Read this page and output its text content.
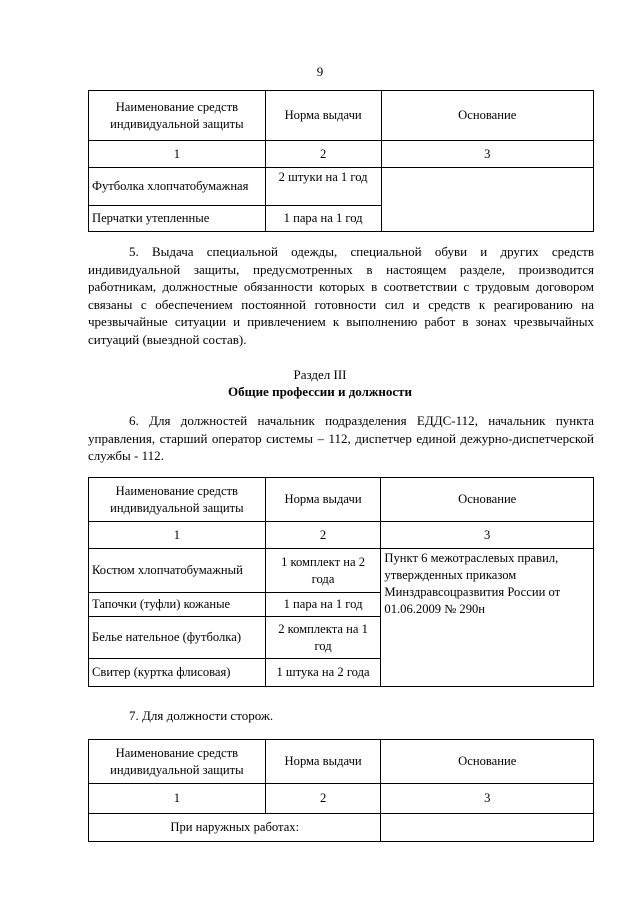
9
Наименование средств индивидуальной защиты	Норма выдачи	Основание
1	2	3
Футболка хлопчатобумажная	2 штуки на 1 год	
Перчатки утепленные	1 пара на 1 год	

5. Выдача специальной одежды, специальной обуви и других средств индивидуальной защиты, предусмотренных в настоящем разделе, производится работникам, должностные обязанности которых в соответствии с трудовым договором связаны с обеспечением постоянной готовности сил и средств к реагированию на чрезвычайные ситуации и привлечением к выполнению работ в зонах чрезвычайных ситуаций (выездной состав).

Раздел III
Общие профессии и должности

6. Для должностей начальник подразделения ЕДДС-112, начальник пункта управления, старший оператор системы – 112, диспетчер единой дежурно-диспетчерской службы - 112.

Наименование средств индивидуальной защиты	Норма выдачи	Основание
1	2	3
Костюм хлопчатобумажный	1 комплект на 2 года	Пункт 6 межотраслевых правил, утвержденных приказом Минздравсоцразвития России от 01.06.2009 № 290н
Тапочки (туфли) кожаные	1 пара на 1 год	
Белье нательное (футболка)	2 комплекта на 1 год	
Свитер (куртка флисовая)	1 штука на 2 года	

7. Для должности сторож.

Наименование средств индивидуальной защиты	Норма выдачи	Основание
1	2	3
При наружных работах:		
